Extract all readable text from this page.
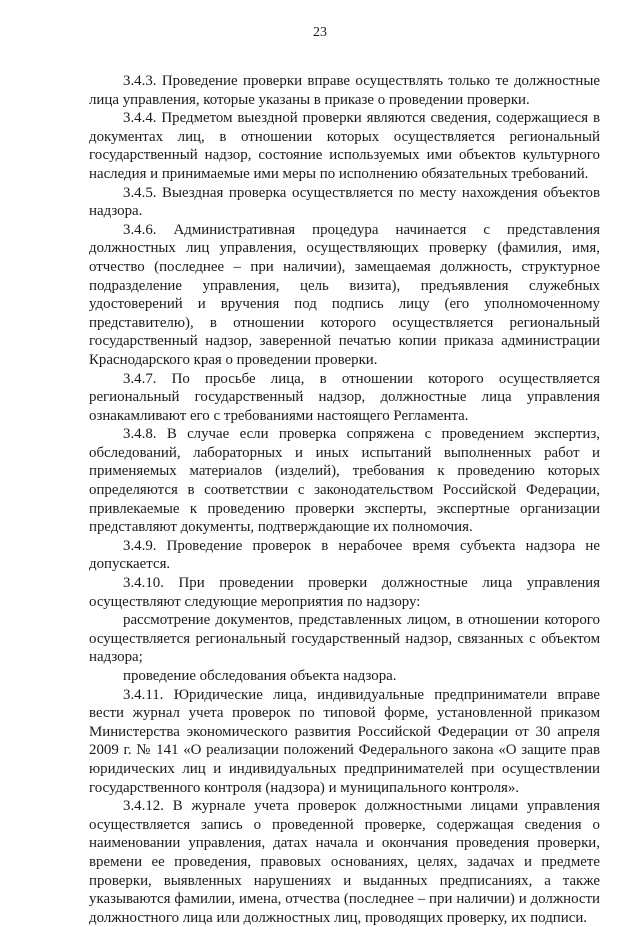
23

3.4.3. Проведение проверки вправе осуществлять только те должностные лица управления, которые указаны в приказе о проведении проверки.

3.4.4. Предметом выездной проверки являются сведения, содержащиеся в документах лиц, в отношении которых осуществляется региональный государственный надзор, состояние используемых ими объектов культурного наследия и принимаемые ими меры по исполнению обязательных требований.

3.4.5. Выездная проверка осуществляется по месту нахождения объектов надзора.

3.4.6. Административная процедура начинается с представления должностных лиц управления, осуществляющих проверку (фамилия, имя, отчество (последнее – при наличии), замещаемая должность, структурное подразделение управления, цель визита), предъявления служебных удостоверений и вручения под подпись лицу (его уполномоченному представителю), в отношении которого осуществляется региональный государственный надзор, заверенной печатью копии приказа администрации Краснодарского края о проведении проверки.

3.4.7. По просьбе лица, в отношении которого осуществляется региональный государственный надзор, должностные лица управления ознакамливают его с требованиями настоящего Регламента.

3.4.8. В случае если проверка сопряжена с проведением экспертиз, обследований, лабораторных и иных испытаний выполненных работ и применяемых материалов (изделий), требования к проведению которых определяются в соответствии с законодательством Российской Федерации, привлекаемые к проведению проверки эксперты, экспертные организации представляют документы, подтверждающие их полномочия.

3.4.9. Проведение проверок в нерабочее время субъекта надзора не допускается.

3.4.10. При проведении проверки должностные лица управления осуществляют следующие мероприятия по надзору:

рассмотрение документов, представленных лицом, в отношении которого осуществляется региональный государственный надзор, связанных с объектом надзора;

проведение обследования объекта надзора.

3.4.11. Юридические лица, индивидуальные предприниматели вправе вести журнал учета проверок по типовой форме, установленной приказом Министерства экономического развития Российской Федерации от 30 апреля 2009 г. № 141 «О реализации положений Федерального закона «О защите прав юридических лиц и индивидуальных предпринимателей при осуществлении государственного контроля (надзора) и муниципального контроля».

3.4.12. В журнале учета проверок должностными лицами управления осуществляется запись о проведенной проверке, содержащая сведения о наименовании управления, датах начала и окончания проведения проверки, времени ее проведения, правовых основаниях, целях, задачах и предмете проверки, выявленных нарушениях и выданных предписаниях, а также указываются фамилии, имена, отчества (последнее – при наличии) и должности должностного лица или должностных лиц, проводящих проверку, их подписи.
